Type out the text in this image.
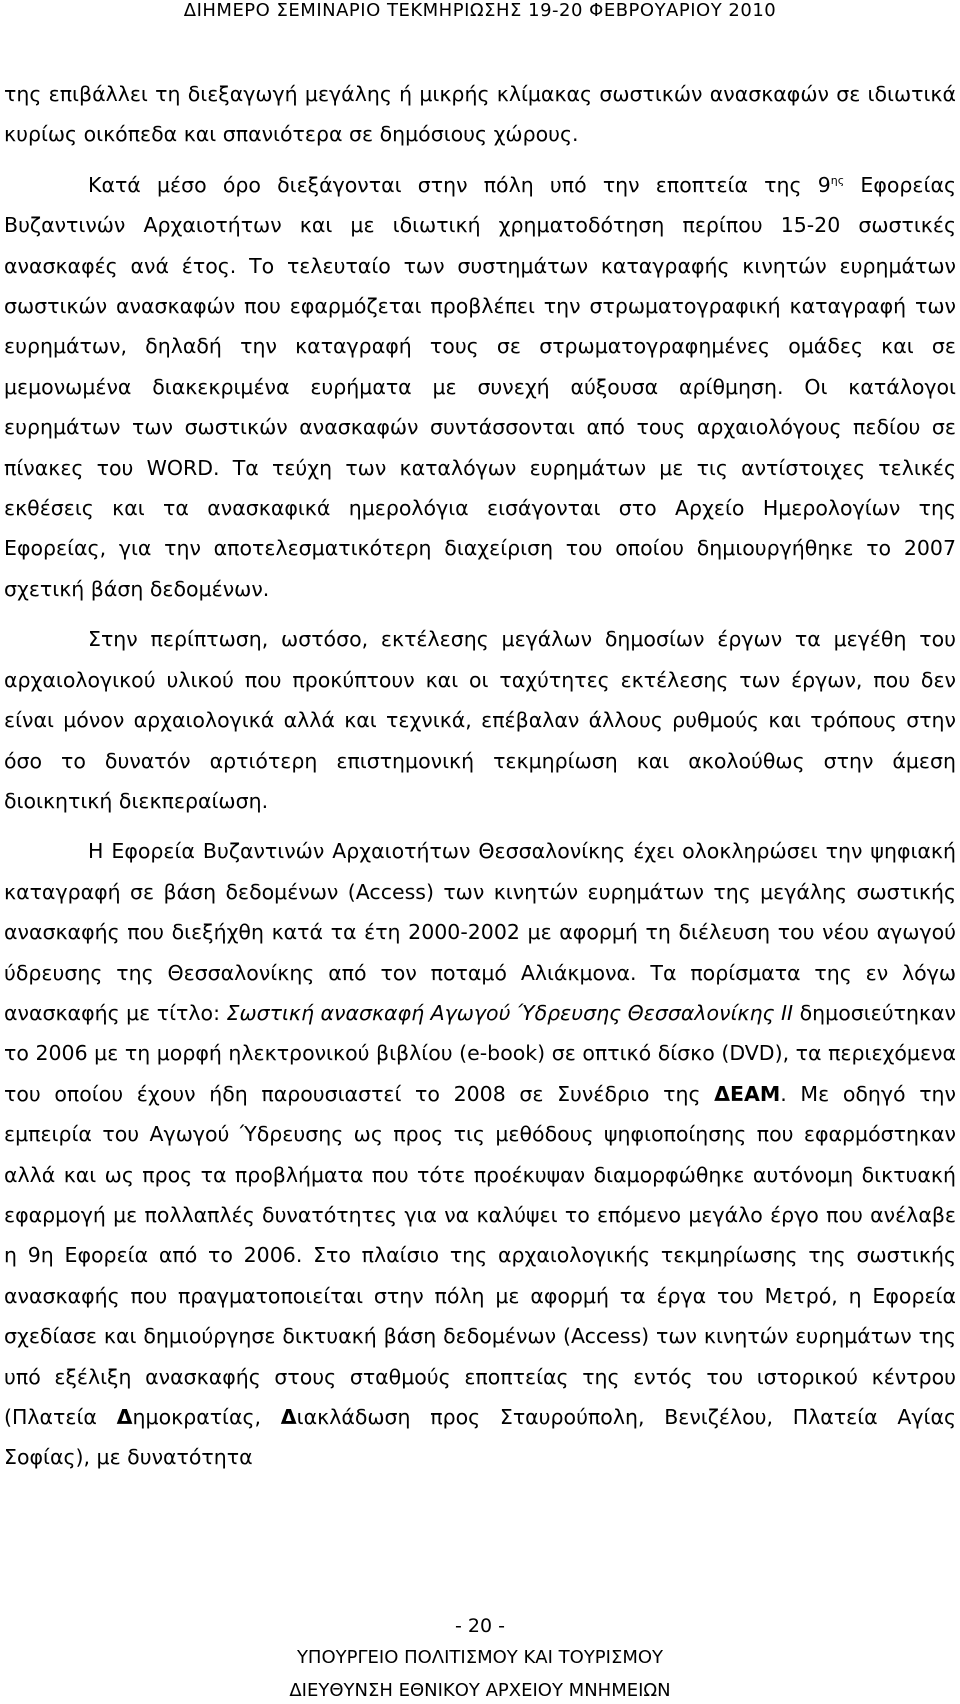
ΔΙΗΜΕΡΟ ΣΕΜΙΝΑΡΙΟ ΤΕΚΜΗΡΙΩΣΗΣ 19-20 ΦΕΒΡΟΥΑΡΙΟΥ 2010

της επιβάλλει τη διεξαγωγή μεγάλης ή μικρής κλίμακας σωστικών ανασκαφών σε ιδιωτικά κυρίως οικόπεδα και σπανιότερα σε δημόσιους χώρους.

Κατά μέσο όρο διεξάγονται στην πόλη υπό την εποπτεία της $9^{\eta\varsigma}$ Εφορείας Βυζαντινών Αρχαιοτήτων και με ιδιωτική χρηματοδότηση περίπου 15-20 σωστικές ανασκαφές ανά έτος. Το τελευταίο των συστημάτων καταγραφής κινητών ευρημάτων σωστικών ανασκαφών που εφαρμόζεται προβλέπει την στρωματογραφική καταγραφή των ευρημάτων, δηλαδή την καταγραφή τους σε στρωματογραφημένες ομάδες και σε μεμονωμένα διακεκριμένα ευρήματα με συνεχή αύξουσα αρίθμηση. Οι κατάλογοι ευρημάτων των σωστικών ανασκαφών συντάσσονται από τους αρχαιολόγους πεδίου σε πίνακες του WORD. Τα τεύχη των καταλόγων ευρημάτων με τις αντίστοιχες τελικές εκθέσεις και τα ανασκαφικά ημερολόγια εισάγονται στο Αρχείο Ημερολογίων της Εφορείας, για την αποτελεσματικότερη διαχείριση του οποίου δημιουργήθηκε το 2007 σχετική βάση δεδομένων.

Στην περίπτωση, ωστόσο, εκτέλεσης μεγάλων δημοσίων έργων τα μεγέθη του αρχαιολογικού υλικού που προκύπτουν και οι ταχύτητες εκτέλεσης των έργων, που δεν είναι μόνον αρχαιολογικά αλλά και τεχνικά, επέβαλαν άλλους ρυθμούς και τρόπους στην όσο το δυνατόν αρτιότερη επιστημονική τεκμηρίωση και ακολούθως στην άμεση διοικητική διεκπεραίωση.

Η Εφορεία Βυζαντινών Αρχαιοτήτων Θεσσαλονίκης έχει ολοκληρώσει την ψηφιακή καταγραφή σε βάση δεδομένων (Access) των κινητών ευρημάτων της μεγάλης σωστικής ανασκαφής που διεξήχθη κατά τα έτη 2000-2002 με αφορμή τη διέλευση του νέου αγωγού ύδρευσης της Θεσσαλονίκης από τον ποταμό Αλιάκμονα. Τα πορίσματα της εν λόγω ανασκαφής με τίτλο: Σωστική ανασκαφή Αγωγού Ύδρευσης Θεσσαλονίκης ΙΙ δημοσιεύτηκαν το 2006 με τη μορφή ηλεκτρονικού βιβλίου (e-book) σε οπτικό δίσκο (DVD), τα περιεχόμενα του οποίου έχουν ήδη παρουσιαστεί το 2008 σε Συνέδριο της ΔΕΑΜ. Με οδηγό την εμπειρία του Αγωγού Ύδρευσης ως προς τις μεθόδους ψηφιοποίησης που εφαρμόστηκαν αλλά και ως προς τα προβλήματα που τότε προέκυψαν διαμορφώθηκε αυτόνομη δικτυακή εφαρμογή με πολλαπλές δυνατότητες για να καλύψει το επόμενο μεγάλο έργο που ανέλαβε η 9η Εφορεία από το 2006. Στο πλαίσιο της αρχαιολογικής τεκμηρίωσης της σωστικής ανασκαφής που πραγματοποιείται στην πόλη με αφορμή τα έργα του Μετρό, η Εφορεία σχεδίασε και δημιούργησε δικτυακή βάση δεδομένων (Access) των κινητών ευρημάτων της υπό εξέλιξη ανασκαφής στους σταθμούς εποπτείας της εντός του ιστορικού κέντρου (Πλατεία Δημοκρατίας, Διακλάδωση προς Σταυρούπολη, Βενιζέλου, Πλατεία Αγίας Σοφίας), με δυνατότητα

- 20 -
ΥΠΟΥΡΓΕΙΟ ΠΟΛΙΤΙΣΜΟΥ ΚΑΙ ΤΟΥΡΙΣΜΟΥ
ΔΙΕΥΘΥΝΣΗ ΕΘΝΙΚΟΥ ΑΡΧΕΙΟΥ ΜΝΗΜΕΙΩΝ
